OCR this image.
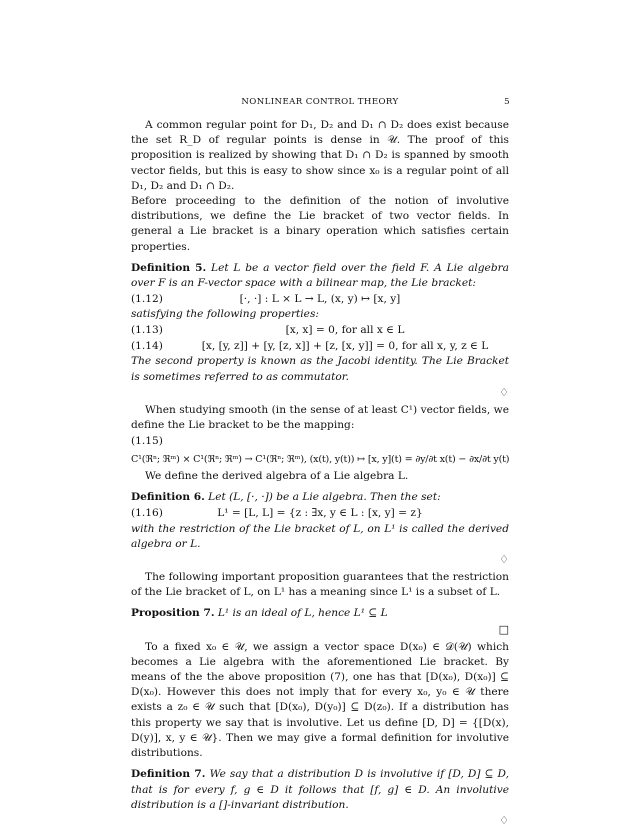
NONLINEAR CONTROL THEORY	5

A common regular point for D₁, D₂ and D₁ ∩ D₂ does exist because the set R_D of regular points is dense in 𝒰. The proof of this proposition is realized by showing that D₁ ∩ D₂ is spanned by smooth vector fields, but this is easy to show since x₀ is a regular point of all D₁, D₂ and D₁ ∩ D₂.

Before proceeding to the definition of the notion of involutive distributions, we define the Lie bracket of two vector fields. In general a Lie bracket is a binary operation which satisfies certain properties.

Definition 5. Let L be a vector field over the field F. A Lie algebra over F is an F-vector space with a bilinear map, the Lie bracket:

(1.12)	[·, ·] : L × L → L, (x, y) ↦ [x, y]

satisfying the following properties:

(1.13)	[x, x] = 0, for all x ∈ L
(1.14)	[x, [y, z]] + [y, [z, x]] + [z, [x, y]] = 0, for all x, y, z ∈ L

The second property is known as the Jacobi identity. The Lie Bracket is sometimes referred to as commutator.

♢

When studying smooth (in the sense of at least C¹) vector fields, we define the Lie bracket to be the mapping:

(1.15)
C¹(ℜⁿ; ℜᵐ) × C¹(ℜⁿ; ℜᵐ) → C¹(ℜⁿ; ℜᵐ), (x(t), y(t)) ↦ [x, y](t) = ∂y/∂t x(t) − ∂x/∂t y(t)

We define the derived algebra of a Lie algebra L.

Definition 6. Let (L, [·, ·]) be a Lie algebra. Then the set:

(1.16)	L¹ = [L, L] = {z : ∃x, y ∈ L : [x, y] = z}

with the restriction of the Lie bracket of L, on L¹ is called the derived algebra or L.

♢

The following important proposition guarantees that the restriction of the Lie bracket of L, on L¹ has a meaning since L¹ is a subset of L.

Proposition 7. L¹ is an ideal of L, hence L¹ ⊆ L

□

To a fixed x₀ ∈ 𝒰, we assign a vector space D(x₀) ∈ 𝒟(𝒰) which becomes a Lie algebra with the aforementioned Lie bracket. By means of the the above proposition (7), one has that [D(x₀), D(x₀)] ⊆ D(x₀). However this does not imply that for every x₀, y₀ ∈ 𝒰 there exists a z₀ ∈ 𝒰 such that [D(x₀), D(y₀)] ⊆ D(z₀). If a distribution has this property we say that is involutive. Let us define [D, D] = {[D(x), D(y)], x, y ∈ 𝒰}. Then we may give a formal definition for involutive distributions.

Definition 7. We say that a distribution D is involutive if [D, D] ⊆ D, that is for every f, g ∈ D it follows that [f, g] ∈ D. An involutive distribution is a []-invariant distribution.

♢
